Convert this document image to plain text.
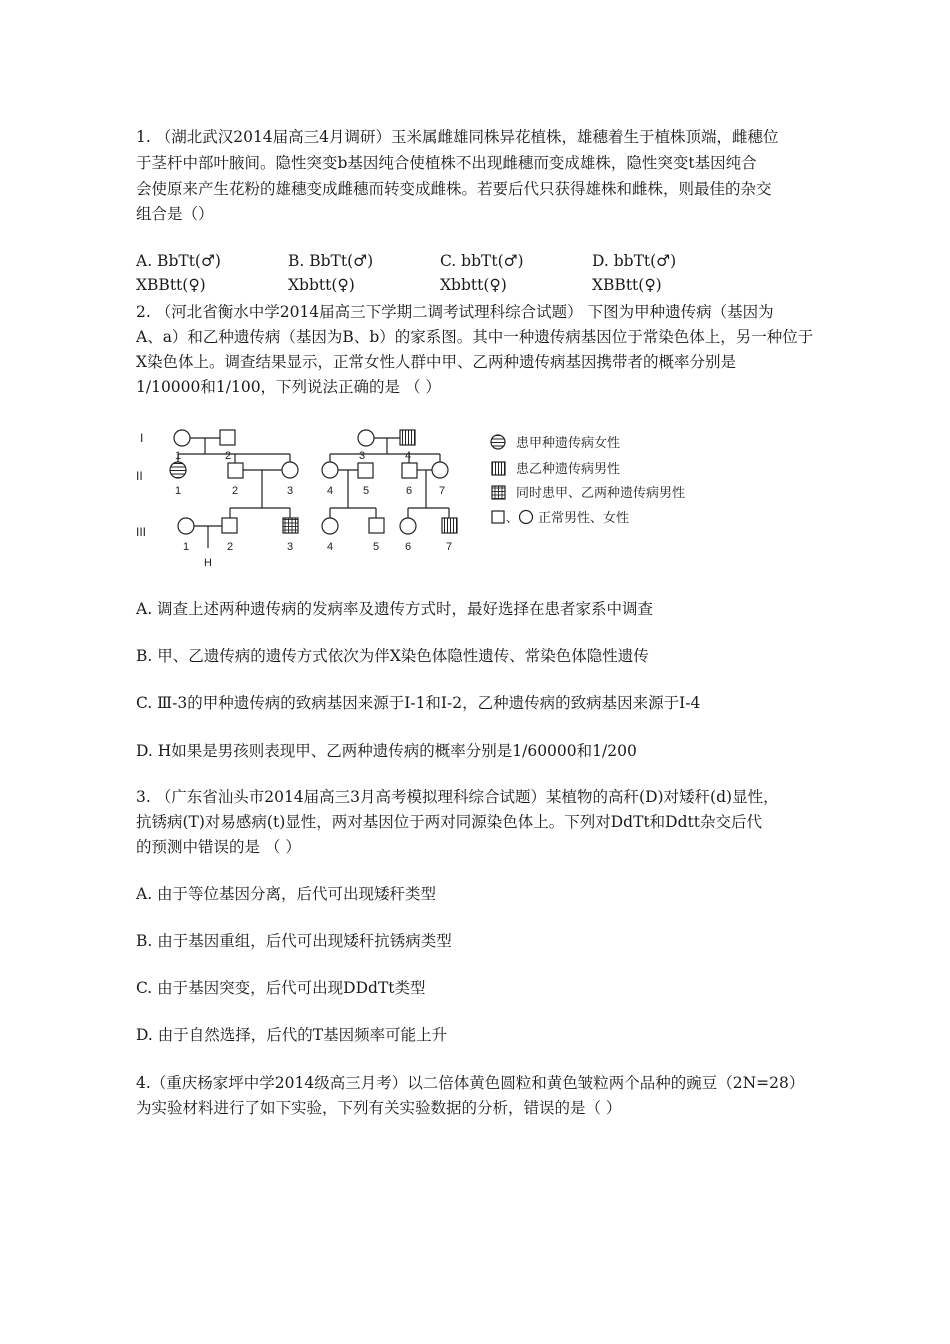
1. （湖北武汉2014届高三4月调研）玉米属雌雄同株异花植株，雄穗着生于植株顶端，雌穗位
于茎杆中部叶腋间。隐性突变b基因纯合使植株不出现雌穗而变成雄株，隐性突变t基因纯合
会使原来产生花粉的雄穗变成雌穗而转变成雌株。若要后代只获得雄株和雌株，则最佳的杂交
组合是（）
A. BbTt(♂)	B. BbTt(♂)	C. bbTt(♂)	D. bbTt(♂)
XBBtt(♀)	Xbbtt(♀)	Xbbtt(♀)	XBBtt(♀)
2. （河北省衡水中学2014届高三下学期二调考试理科综合试题） 下图为甲种遗传病（基因为
A、a）和乙种遗传病（基因为B、b）的家系图。其中一种遗传病基因位于常染色体上，另一种位于
X染色体上。调查结果显示，正常女性人群中甲、乙两种遗传病基因携带者的概率分别是
1/10000和1/100，下列说法正确的是 （ ）
I
II
III
1	2	3	4
1	2	3	4	5	6 7
1	2	3	4	5 6	7
H
、
患甲种遗传病女性
患乙种遗传病男性
同时患甲、乙两种遗传病男性
正常男性、女性
A. 调查上述两种遗传病的发病率及遗传方式时，最好选择在患者家系中调查
B. 甲、乙遗传病的遗传方式依次为伴X染色体隐性遗传、常染色体隐性遗传
C. Ⅲ-3的甲种遗传病的致病基因来源于Ⅰ-1和Ⅰ-2，乙种遗传病的致病基因来源于Ⅰ-4
D. H如果是男孩则表现甲、乙两种遗传病的概率分别是1/60000和1/200
3. （广东省汕头市2014届高三3月高考模拟理科综合试题）某植物的高秆(D)对矮秆(d)显性，
抗锈病(T)对易感病(t)显性，两对基因位于两对同源染色体上。下列对DdTt和Ddtt杂交后代
的预测中错误的是 （ ）
A. 由于等位基因分离，后代可出现矮秆类型
B. 由于基因重组，后代可出现矮秆抗锈病类型
C. 由于基因突变，后代可出现DDdTt类型
D. 由于自然选择，后代的T基因频率可能上升
4.（重庆杨家坪中学2014级高三月考）以二倍体黄色圆粒和黄色皱粒两个品种的豌豆（2N=28）
为实验材料进行了如下实验，下列有关实验数据的分析，错误的是（ ）
